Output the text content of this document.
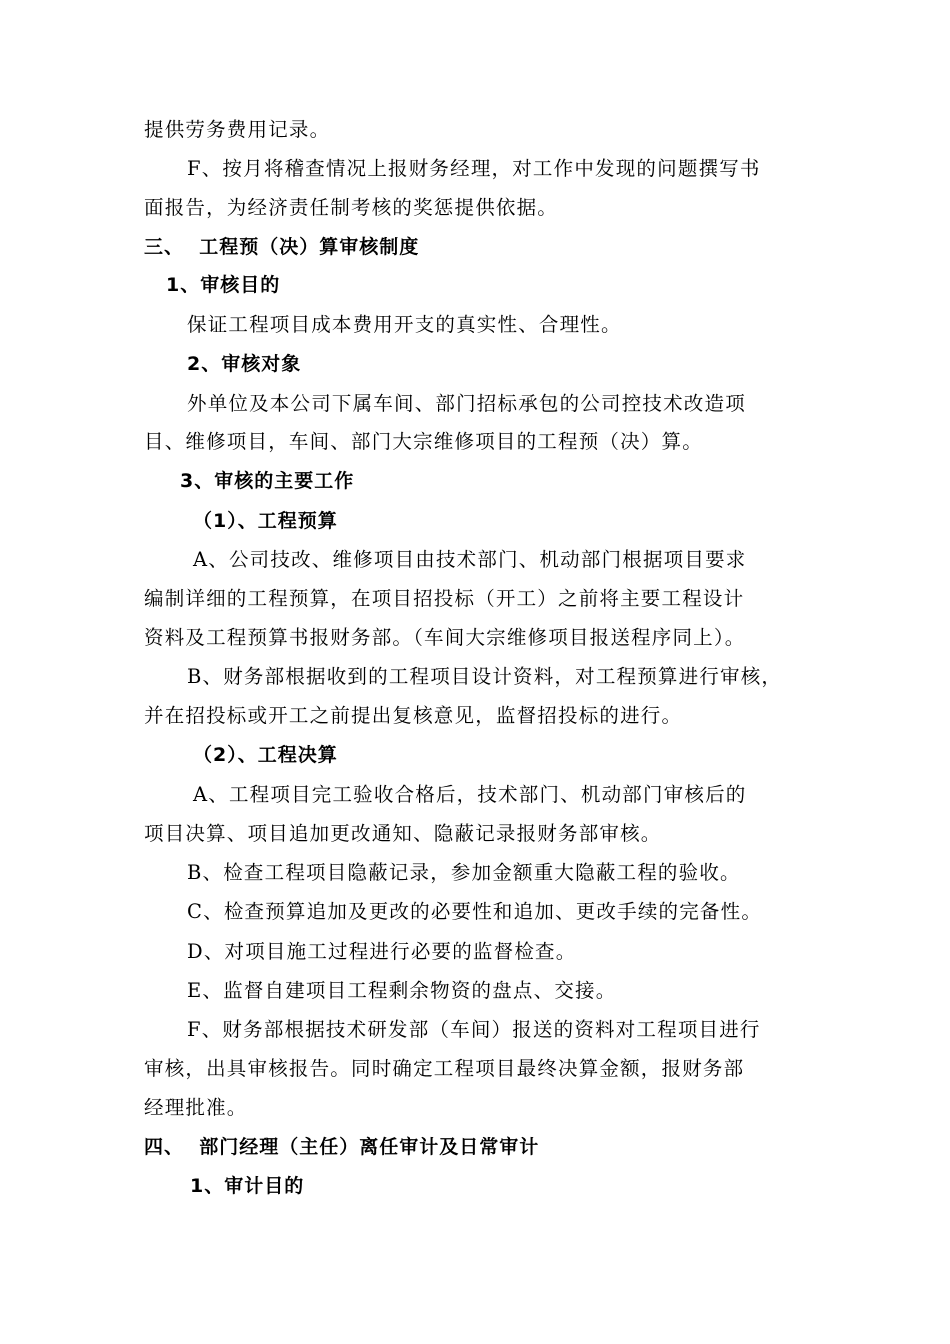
提供劳务费用记录。
F、按月将稽查情况上报财务经理，对工作中发现的问题撰写书
面报告，为经济责任制考核的奖惩提供依据。
三、  工程预（决）算审核制度
1、审核目的
保证工程项目成本费用开支的真实性、合理性。
2、审核对象
外单位及本公司下属车间、部门招标承包的公司控技术改造项
目、维修项目，车间、部门大宗维修项目的工程预（决）算。
3、审核的主要工作
（1）、工程预算
A、公司技改、维修项目由技术部门、机动部门根据项目要求
编制详细的工程预算，在项目招投标（开工）之前将主要工程设计
资料及工程预算书报财务部。（车间大宗维修项目报送程序同上）。
B、财务部根据收到的工程项目设计资料，对工程预算进行审核，
并在招投标或开工之前提出复核意见，监督招投标的进行。
（2）、工程决算
A、工程项目完工验收合格后，技术部门、机动部门审核后的
项目决算、项目追加更改通知、隐蔽记录报财务部审核。
B、检查工程项目隐蔽记录，参加金额重大隐蔽工程的验收。
C、检查预算追加及更改的必要性和追加、更改手续的完备性。
D、对项目施工过程进行必要的监督检查。
E、监督自建项目工程剩余物资的盘点、交接。
F、财务部根据技术研发部（车间）报送的资料对工程项目进行
审核，出具审核报告。同时确定工程项目最终决算金额，报财务部
经理批准。
四、  部门经理（主任）离任审计及日常审计
1、审计目的
